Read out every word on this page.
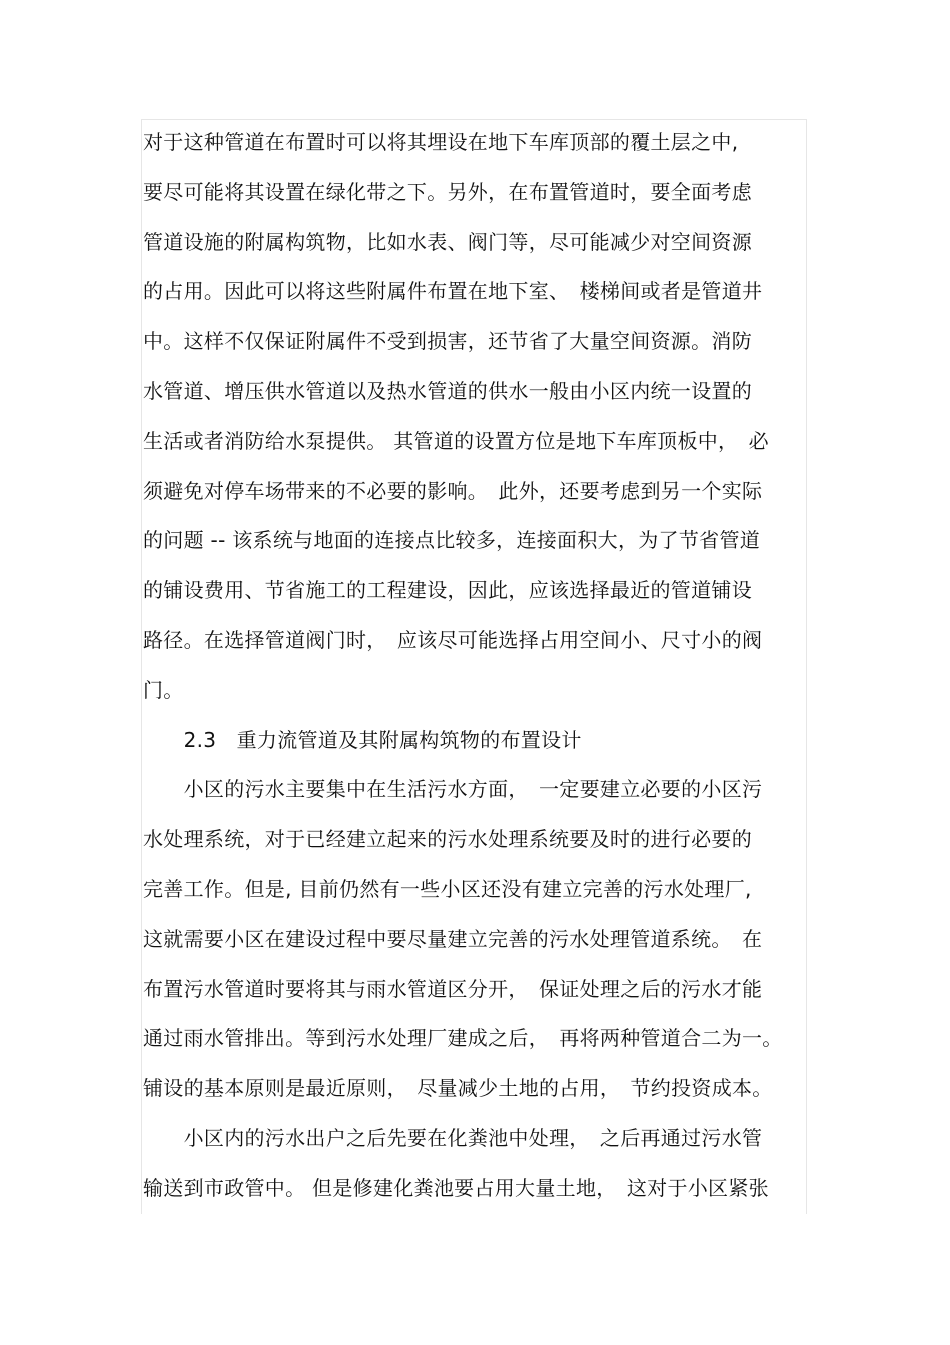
对于这种管道在布置时可以将其埋设在地下车库顶部的覆土层之中,
要尽可能将其设置在绿化带之下。另外，在布置管道时，要全面考虑
管道设施的附属构筑物，比如水表、阀门等，尽可能减少对空间资源
的占用。因此可以将这些附属件布置在地下室、　楼梯间或者是管道井
中。这样不仅保证附属件不受到损害，还节省了大量空间资源。消防
水管道、增压供水管道以及热水管道的供水一般由小区内统一设置的
生活或者消防给水泵提供。 其管道的设置方位是地下车库顶板中，　必
须避免对停车场带来的不必要的影响。　此外，还要考虑到另一个实际
的问题 -- 该系统与地面的连接点比较多，连接面积大，为了节省管道
的铺设费用、节省施工的工程建设，因此，应该选择最近的管道铺设
路径。在选择管道阀门时，　应该尽可能选择占用空间小、尺寸小的阀
门。
　　2.3　重力流管道及其附属构筑物的布置设计
　　小区的污水主要集中在生活污水方面，　一定要建立必要的小区污
水处理系统，对于已经建立起来的污水处理系统要及时的进行必要的
完善工作。但是, 目前仍然有一些小区还没有建立完善的污水处理厂,
这就需要小区在建设过程中要尽量建立完善的污水处理管道系统。　在
布置污水管道时要将其与雨水管道区分开，　保证处理之后的污水才能
通过雨水管排出。等到污水处理厂建成之后，　再将两种管道合二为一。
铺设的基本原则是最近原则，　尽量减少土地的占用，　节约投资成本。
　　小区内的污水出户之后先要在化粪池中处理，　之后再通过污水管
输送到市政管中。 但是修建化粪池要占用大量土地，　这对于小区紧张
